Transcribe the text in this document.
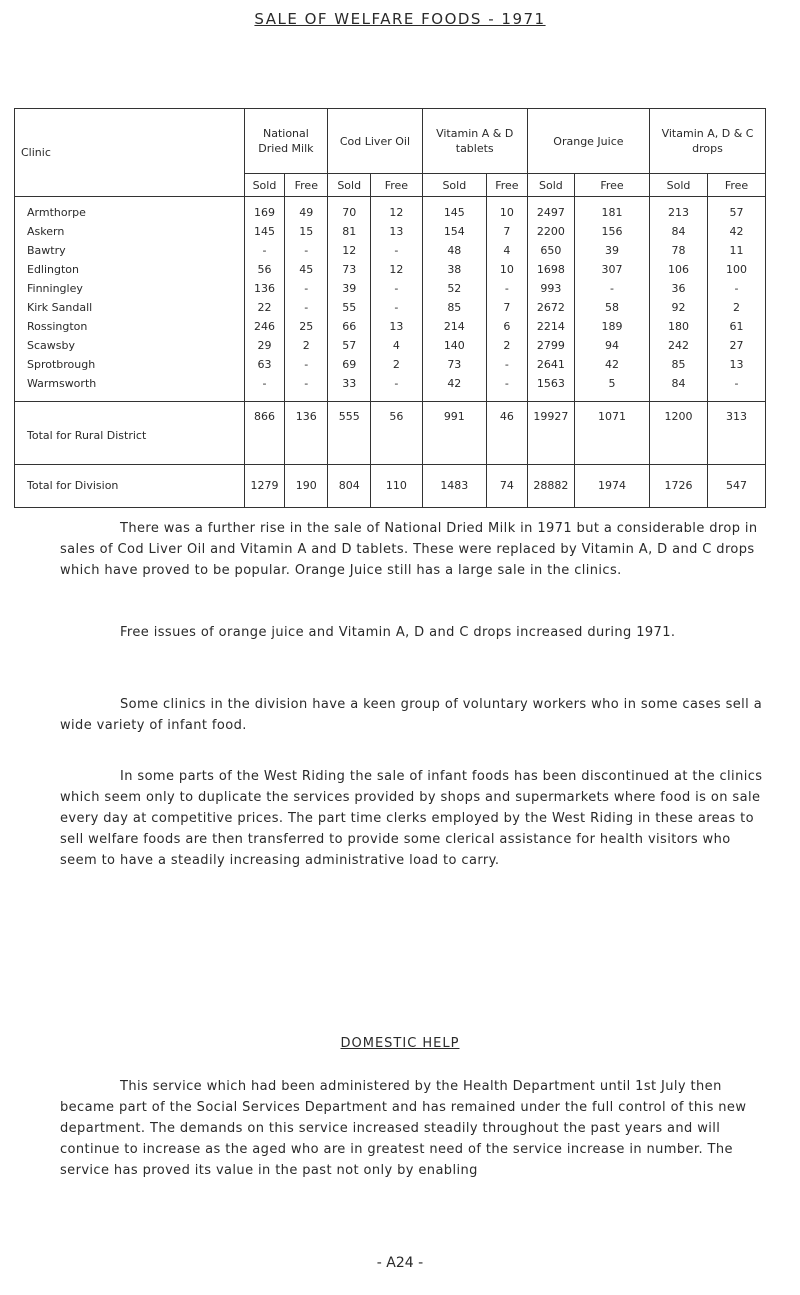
SALE OF WELFARE FOODS - 1971
Clinic	National Dried Milk		Cod Liver Oil		Vitamin A & D tablets		Orange Juice		Vitamin A, D & C drops	
	Sold	Free	Sold	Free	Sold	Free	Sold	Free	Sold	Free
Armthorpe	169	49	70	12	145	10	2497	181	213	57
Askern	145	15	81	13	154	7	2200	156	84	42
Bawtry	-	-	12	-	48	4	650	39	78	11
Edlington	56	45	73	12	38	10	1698	307	106	100
Finningley	136	-	39	-	52	-	993	-	36	-
Kirk Sandall	22	-	55	-	85	7	2672	58	92	2
Rossington	246	25	66	13	214	6	2214	189	180	61
Scawsby	29	2	57	4	140	2	2799	94	242	27
Sprotbrough	63	-	69	2	73	-	2641	42	85	13
Warmsworth	-	-	33	-	42	-	1563	5	84	-
Total for Rural District	866	136	555	56	991	46	19927	1071	1200	313
Total for Division	1279	190	804	110	1483	74	28882	1974	1726	547

There was a further rise in the sale of National Dried Milk in 1971 but a considerable drop in sales of Cod Liver Oil and Vitamin A and D tablets. These were replaced by Vitamin A, D and C drops which have proved to be popular. Orange Juice still has a large sale in the clinics.

Free issues of orange juice and Vitamin A, D and C drops increased during 1971.

Some clinics in the division have a keen group of voluntary workers who in some cases sell a wide variety of infant food.

In some parts of the West Riding the sale of infant foods has been discontinued at the clinics which seem only to duplicate the services provided by shops and supermarkets where food is on sale every day at competitive prices. The part time clerks employed by the West Riding in these areas to sell welfare foods are then transferred to provide some clerical assistance for health visitors who seem to have a steadily increasing administrative load to carry.

DOMESTIC HELP

This service which had been administered by the Health Department until 1st July then became part of the Social Services Department and has remained under the full control of this new department. The demands on this service increased steadily throughout the past years and will continue to increase as the aged who are in greatest need of the service increase in number. The service has proved its value in the past not only by enabling

- A24 -
